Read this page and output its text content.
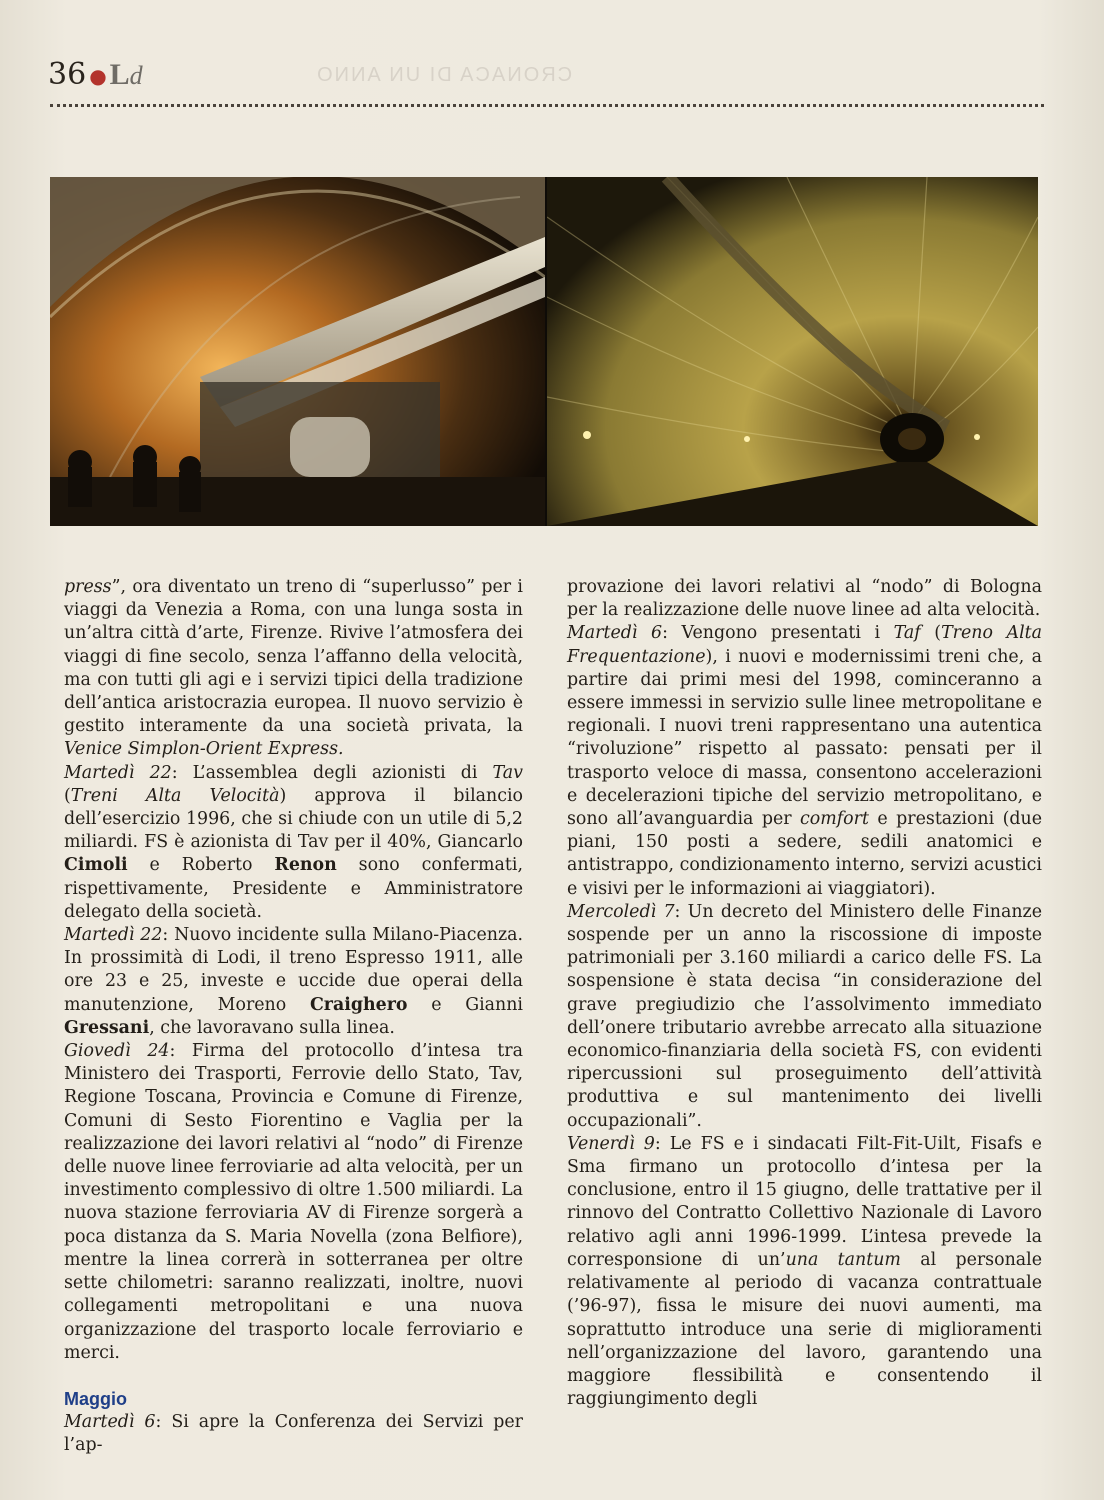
36 ● Ld	CRONACA DI UN ANNO

press”, ora diventato un treno di “superlusso” per i viaggi da Venezia a Roma, con una lunga sosta in un’altra città d’arte, Firenze. Rivive l’atmosfera dei viaggi di fine secolo, senza l’affanno della velocità, ma con tutti gli agi e i servizi tipici della tradizione dell’antica aristocrazia europea. Il nuovo servizio è gestito interamente da una società privata, la Venice Simplon-Orient Express.

Martedì 22: L’assemblea degli azionisti di Tav (Treni Alta Velocità) approva il bilancio dell’esercizio 1996, che si chiude con un utile di 5,2 miliardi. FS è azionista di Tav per il 40%, Giancarlo Cimoli e Roberto Renon sono confermati, rispettivamente, Presidente e Amministratore delegato della società.

Martedì 22: Nuovo incidente sulla Milano-Piacenza. In prossimità di Lodi, il treno Espresso 1911, alle ore 23 e 25, investe e uccide due operai della manutenzione, Moreno Craighero e Gianni Gressani, che lavoravano sulla linea.

Giovedì 24: Firma del protocollo d’intesa tra Ministero dei Trasporti, Ferrovie dello Stato, Tav, Regione Toscana, Provincia e Comune di Firenze, Comuni di Sesto Fiorentino e Vaglia per la realizzazione dei lavori relativi al “nodo” di Firenze delle nuove linee ferroviarie ad alta velocità, per un investimento complessivo di oltre 1.500 miliardi. La nuova stazione ferroviaria AV di Firenze sorgerà a poca distanza da S. Maria Novella (zona Belfiore), mentre la linea correrà in sotterranea per oltre sette chilometri: saranno realizzati, inoltre, nuovi collegamenti metropolitani e una nuova organizzazione del trasporto locale ferroviario e merci.

Maggio

Martedì 6: Si apre la Conferenza dei Servizi per l’ap-

provazione dei lavori relativi al “nodo” di Bologna per la realizzazione delle nuove linee ad alta velocità.

Martedì 6: Vengono presentati i Taf (Treno Alta Frequentazione), i nuovi e modernissimi treni che, a partire dai primi mesi del 1998, cominceranno a essere immessi in servizio sulle linee metropolitane e regionali. I nuovi treni rappresentano una autentica “rivoluzione” rispetto al passato: pensati per il trasporto veloce di massa, consentono accelerazioni e decelerazioni tipiche del servizio metropolitano, e sono all’avanguardia per comfort e prestazioni (due piani, 150 posti a sedere, sedili anatomici e antistrappo, condizionamento interno, servizi acustici e visivi per le informazioni ai viaggiatori).

Mercoledì 7: Un decreto del Ministero delle Finanze sospende per un anno la riscossione di imposte patrimoniali per 3.160 miliardi a carico delle FS. La sospensione è stata decisa “in considerazione del grave pregiudizio che l’assolvimento immediato dell’onere tributario avrebbe arrecato alla situazione economico-finanziaria della società FS, con evidenti ripercussioni sul proseguimento dell’attività produttiva e sul mantenimento dei livelli occupazionali”.

Venerdì 9: Le FS e i sindacati Filt-Fit-Uilt, Fisafs e Sma firmano un protocollo d’intesa per la conclusione, entro il 15 giugno, delle trattative per il rinnovo del Contratto Collettivo Nazionale di Lavoro relativo agli anni 1996-1999. L’intesa prevede la corresponsione di un’una tantum al personale relativamente al periodo di vacanza contrattuale (’96-97), fissa le misure dei nuovi aumenti, ma soprattutto introduce una serie di miglioramenti nell’organizzazione del lavoro, garantendo una maggiore flessibilità e consentendo il raggiungimento degli
